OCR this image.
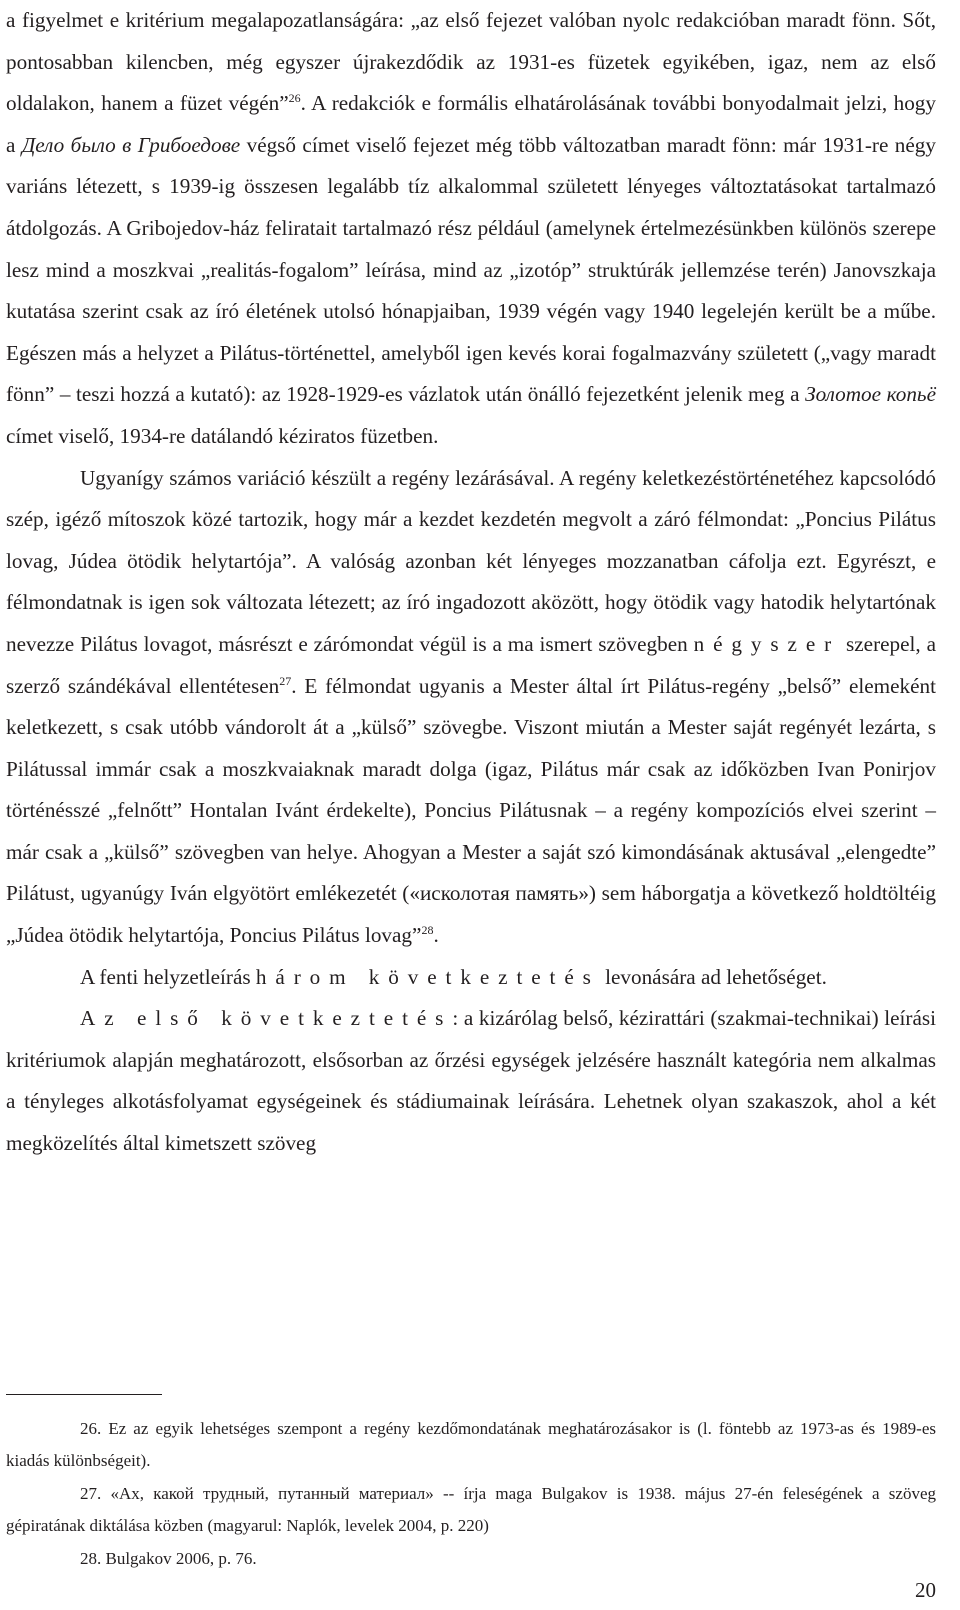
a figyelmet e kritérium megalapozatlanságára: „az első fejezet valóban nyolc redakcióban maradt fönn. Sőt, pontosabban kilencben, még egyszer újrakezdődik az 1931-es füzetek egyikében, igaz, nem az első oldalakon, hanem a füzet végén”$^{26}$. A redakciók e formális elhatárolásának további bonyodalmait jelzi, hogy a Дело было в Грибоедове végső címet viselő fejezet még több változatban maradt fönn: már 1931-re négy variáns létezett, s 1939-ig összesen legalább tíz alkalommal született lényeges változtatásokat tartalmazó átdolgozás. A Gribojedov-ház feliratait tartalmazó rész például (amelynek értelmezésünkben különös szerepe lesz mind a moszkvai „realitás-fogalom” leírása, mind az „izotóp” struktúrák jellemzése terén) Janovszkaja kutatása szerint csak az író életének utolsó hónapjaiban, 1939 végén vagy 1940 legelején került be a műbe. Egészen más a helyzet a Pilátus-történettel, amelyből igen kevés korai fogalmazvány született („vagy maradt fönn” – teszi hozzá a kutató): az 1928-1929-es vázlatok után önálló fejezetként jelenik meg a Золотое копьё címet viselő, 1934-re datálandó kéziratos füzetben.

Ugyanígy számos variáció készült a regény lezárásával. A regény keletkezéstörténetéhez kapcsolódó szép, igéző mítoszok közé tartozik, hogy már a kezdet kezdetén megvolt a záró félmondat: „Poncius Pilátus lovag, Júdea ötödik helytartója”. A valóság azonban két lényeges mozzanatban cáfolja ezt. Egyrészt, e félmondatnak is igen sok változata létezett; az író ingadozott aközött, hogy ötödik vagy hatodik helytartónak nevezze Pilátus lovagot, másrészt e zárómondat végül is a ma ismert szövegben négyszer szerepel, a szerző szándékával ellentétesen$^{27}$. E félmondat ugyanis a Mester által írt Pilátus-regény „belső” elemeként keletkezett, s csak utóbb vándorolt át a „külső” szövegbe. Viszont miután a Mester saját regényét lezárta, s Pilátussal immár csak a moszkvaiaknak maradt dolga (igaz, Pilátus már csak az időközben Ivan Ponirjov történésszé „felnőtt” Hontalan Ivánt érdekelte), Poncius Pilátusnak – a regény kompozíciós elvei szerint – már csak a „külső” szövegben van helye. Ahogyan a Mester a saját szó kimondásának aktusával „elengedte” Pilátust, ugyanúgy Iván elgyötört emlékezetét («исколотая память») sem háborgatja a következő holdtöltéig „Júdea ötödik helytartója, Poncius Pilátus lovag”$^{28}$.

A fenti helyzetleírás három következtetés levonására ad lehetőséget.

Az első következtetés: a kizárólag belső, kézirattári (szakmai-technikai) leírási kritériumok alapján meghatározott, elsősorban az őrzési egységek jelzésére használt kategória nem alkalmas a tényleges alkotásfolyamat egységeinek és stádiumainak leírására. Lehetnek olyan szakaszok, ahol a két megközelítés által kimetszett szöveg

26. Ez az egyik lehetséges szempont a regény kezdőmondatának meghatározásakor is (l. föntebb az 1973-as és 1989-es kiadás különbségeit).

27. «Ах, какой трудный, путанный материал» -- írja maga Bulgakov is 1938. május 27-én feleségének a szöveg gépiratának diktálása közben (magyarul: Naplók, levelek 2004, p. 220)

28. Bulgakov 2006, p. 76.

20
